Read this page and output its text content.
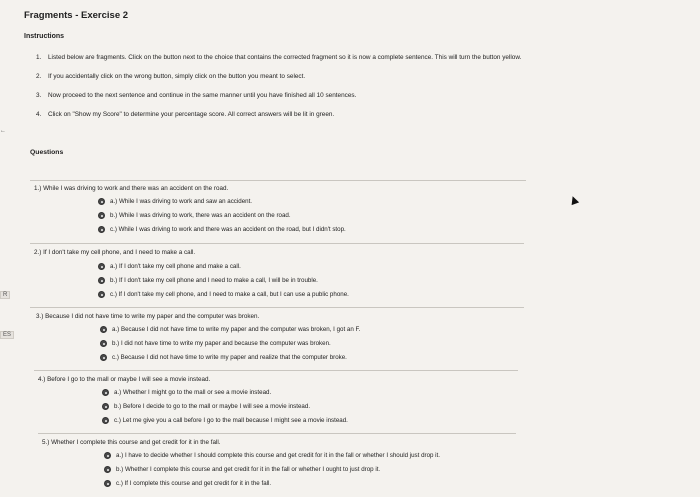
Fragments - Exercise 2
Instructions
1. Listed below are fragments. Click on the button next to the choice that contains the corrected fragment so it is now a complete sentence. This will turn the button yellow.
2. If you accidentally click on the wrong button, simply click on the button you meant to select.
3. Now proceed to the next sentence and continue in the same manner until you have finished all 10 sentences.
4. Click on "Show my Score" to determine your percentage score. All correct answers will be lit in green.
←
R
ES
Questions
1.) While I was driving to work and there was an accident on the road.
a.) While I was driving to work and saw an accident.
b.) While I was driving to work, there was an accident on the road.
c.) While I was driving to work and there was an accident on the road, but I didn't stop.
2.) If I don't take my cell phone, and I need to make a call.
a.) If I don't take my cell phone and make a call.
b.) If I don't take my cell phone and I need to make a call, I will be in trouble.
c.) If I don't take my cell phone, and I need to make a call, but I can use a public phone.
3.) Because I did not have time to write my paper and the computer was broken.
a.) Because I did not have time to write my paper and the computer was broken, I got an F.
b.) I did not have time to write my paper and because the computer was broken.
c.) Because I did not have time to write my paper and realize that the computer broke.
4.) Before I go to the mall or maybe I will see a movie instead.
a.) Whether I might go to the mall or see a movie instead.
b.) Before I decide to go to the mall or maybe I will see a movie instead.
c.) Let me give you a call before I go to the mall because I might see a movie instead.
5.) Whether I complete this course and get credit for it in the fall.
a.) I have to decide whether I should complete this course and get credit for it in the fall or whether I should just drop it.
b.) Whether I complete this course and get credit for it in the fall or whether I ought to just drop it.
c.) If I complete this course and get credit for it in the fall.
